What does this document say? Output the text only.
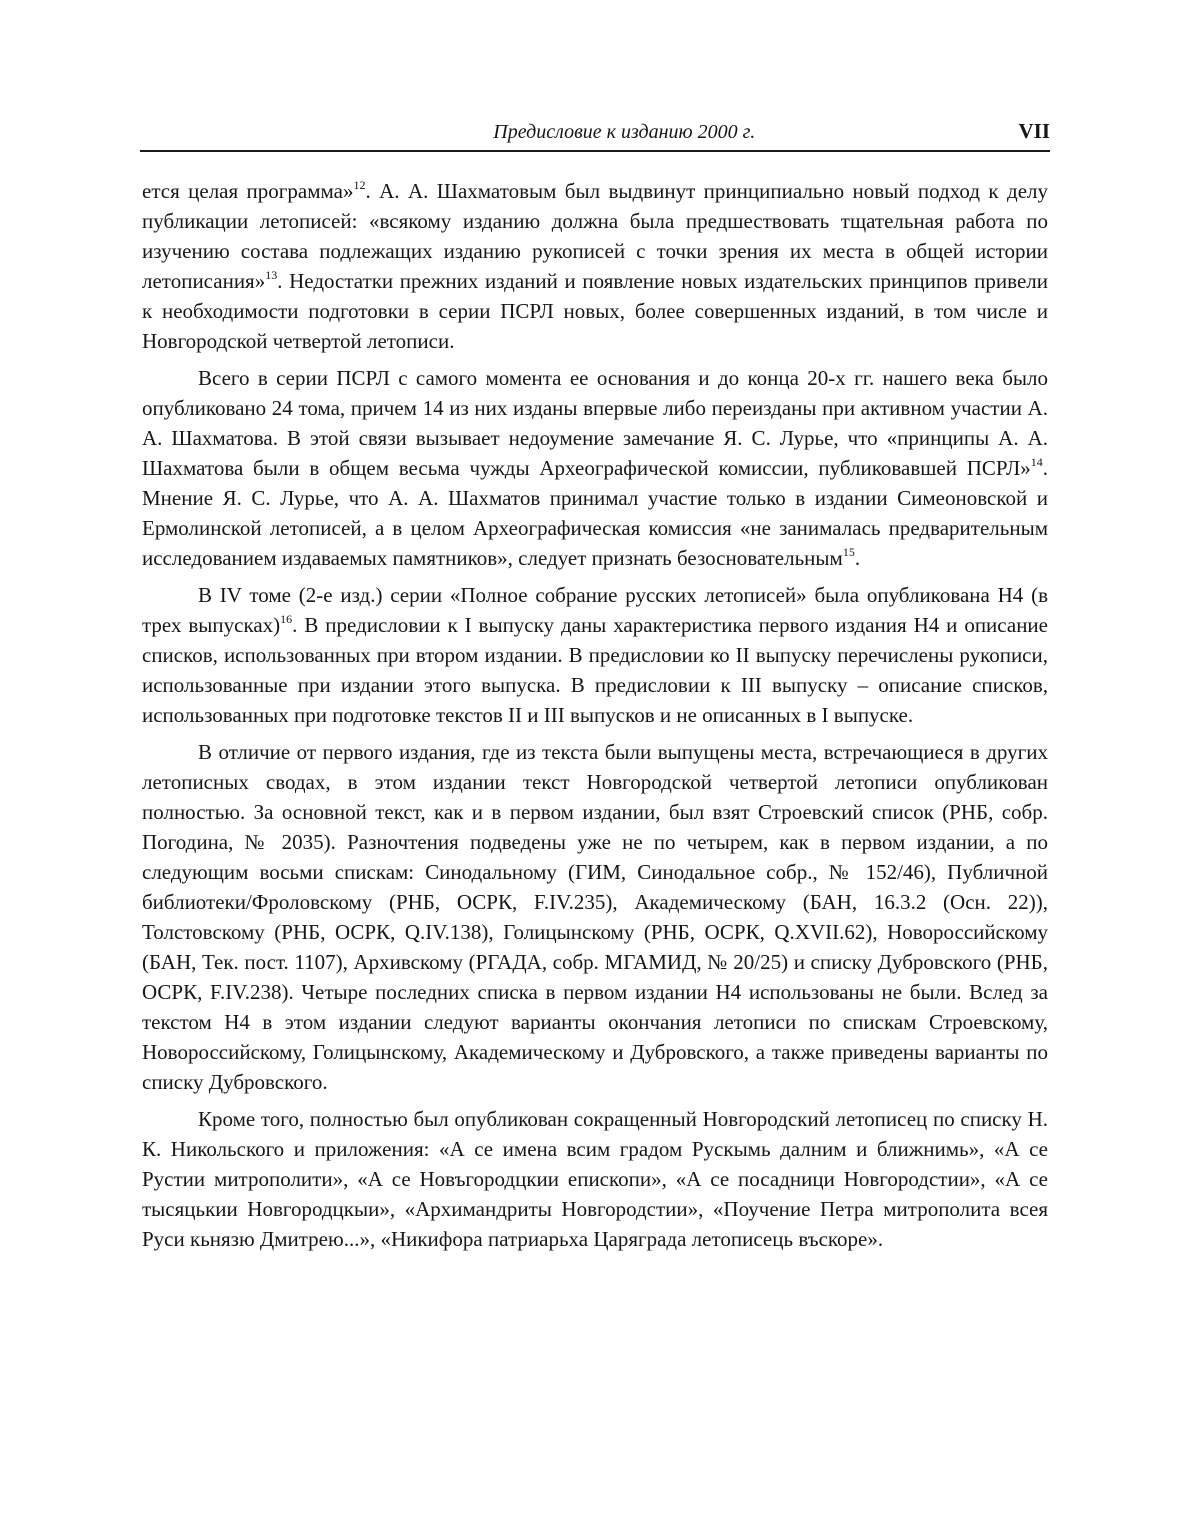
Предисловие к изданию 2000 г.	VII

ется целая программа»$^{12}$. А. А. Шахматовым был выдвинут принципиально новый подход к делу публикации летописей: «всякому изданию должна была предшествовать тщательная работа по изучению состава подлежащих изданию рукописей с точки зрения их места в общей истории летописания»$^{13}$. Недостатки прежних изданий и появление новых издательских принципов привели к необходимости подготовки в серии ПСРЛ новых, более совершенных изданий, в том числе и Новгородской четвертой летописи.

Всего в серии ПСРЛ с самого момента ее основания и до конца 20-х гг. нашего века было опубликовано 24 тома, причем 14 из них изданы впервые либо переизданы при активном участии А. А. Шахматова. В этой связи вызывает недоумение замечание Я. С. Лурье, что «принципы А. А. Шахматова были в общем весьма чужды Археографической комиссии, публиковавшей ПСРЛ»$^{14}$. Мнение Я. С. Лурье, что А. А. Шахматов принимал участие только в издании Симеоновской и Ермолинской летописей, а в целом Археографическая комиссия «не занималась предварительным исследованием издаваемых памятников», следует признать безосновательным$^{15}$.

В IV томе (2-е изд.) серии «Полное собрание русских летописей» была опубликована Н4 (в трех выпусках)$^{16}$. В предисловии к I выпуску даны характеристика первого издания Н4 и описание списков, использованных при втором издании. В предисловии ко II выпуску перечислены рукописи, использованные при издании этого выпуска. В предисловии к III выпуску – описание списков, использованных при подготовке текстов II и III выпусков и не описанных в I выпуске.

В отличие от первого издания, где из текста были выпущены места, встречающиеся в других летописных сводах, в этом издании текст Новгородской четвертой летописи опубликован полностью. За основной текст, как и в первом издании, был взят Строевский список (РНБ, собр. Погодина, № 2035). Разночтения подведены уже не по четырем, как в первом издании, а по следующим восьми спискам: Синодальному (ГИМ, Синодальное собр., № 152/46), Публичной библиотеки/Фроловскому (РНБ, ОСРК, F.IV.235), Академическому (БАН, 16.3.2 (Осн. 22)), Толстовскому (РНБ, ОСРК, Q.IV.138), Голицынскому (РНБ, ОСРК, Q.XVII.62), Новороссийскому (БАН, Тек. пост. 1107), Архивскому (РГАДА, собр. МГАМИД, № 20/25) и списку Дубровского (РНБ, ОСРК, F.IV.238). Четыре последних списка в первом издании Н4 использованы не были. Вслед за текстом Н4 в этом издании следуют варианты окончания летописи по спискам Строевскому, Новороссийскому, Голицынскому, Академическому и Дубровского, а также приведены варианты по списку Дубровского.

Кроме того, полностью был опубликован сокращенный Новгородский летописец по списку Н. К. Никольского и приложения: «А се имена всим градом Рускымь далним и ближнимь», «А се Рустии митрополити», «А се Новъгородцкии епископи», «А се посадници Новгородстии», «А се тысяцькии Новгородцкыи», «Архимандриты Новгородстии», «Поучение Петра митрополита всея Руси кьнязю Дмитрею...», «Никифора патриарьха Царяграда летописець въскоре».
